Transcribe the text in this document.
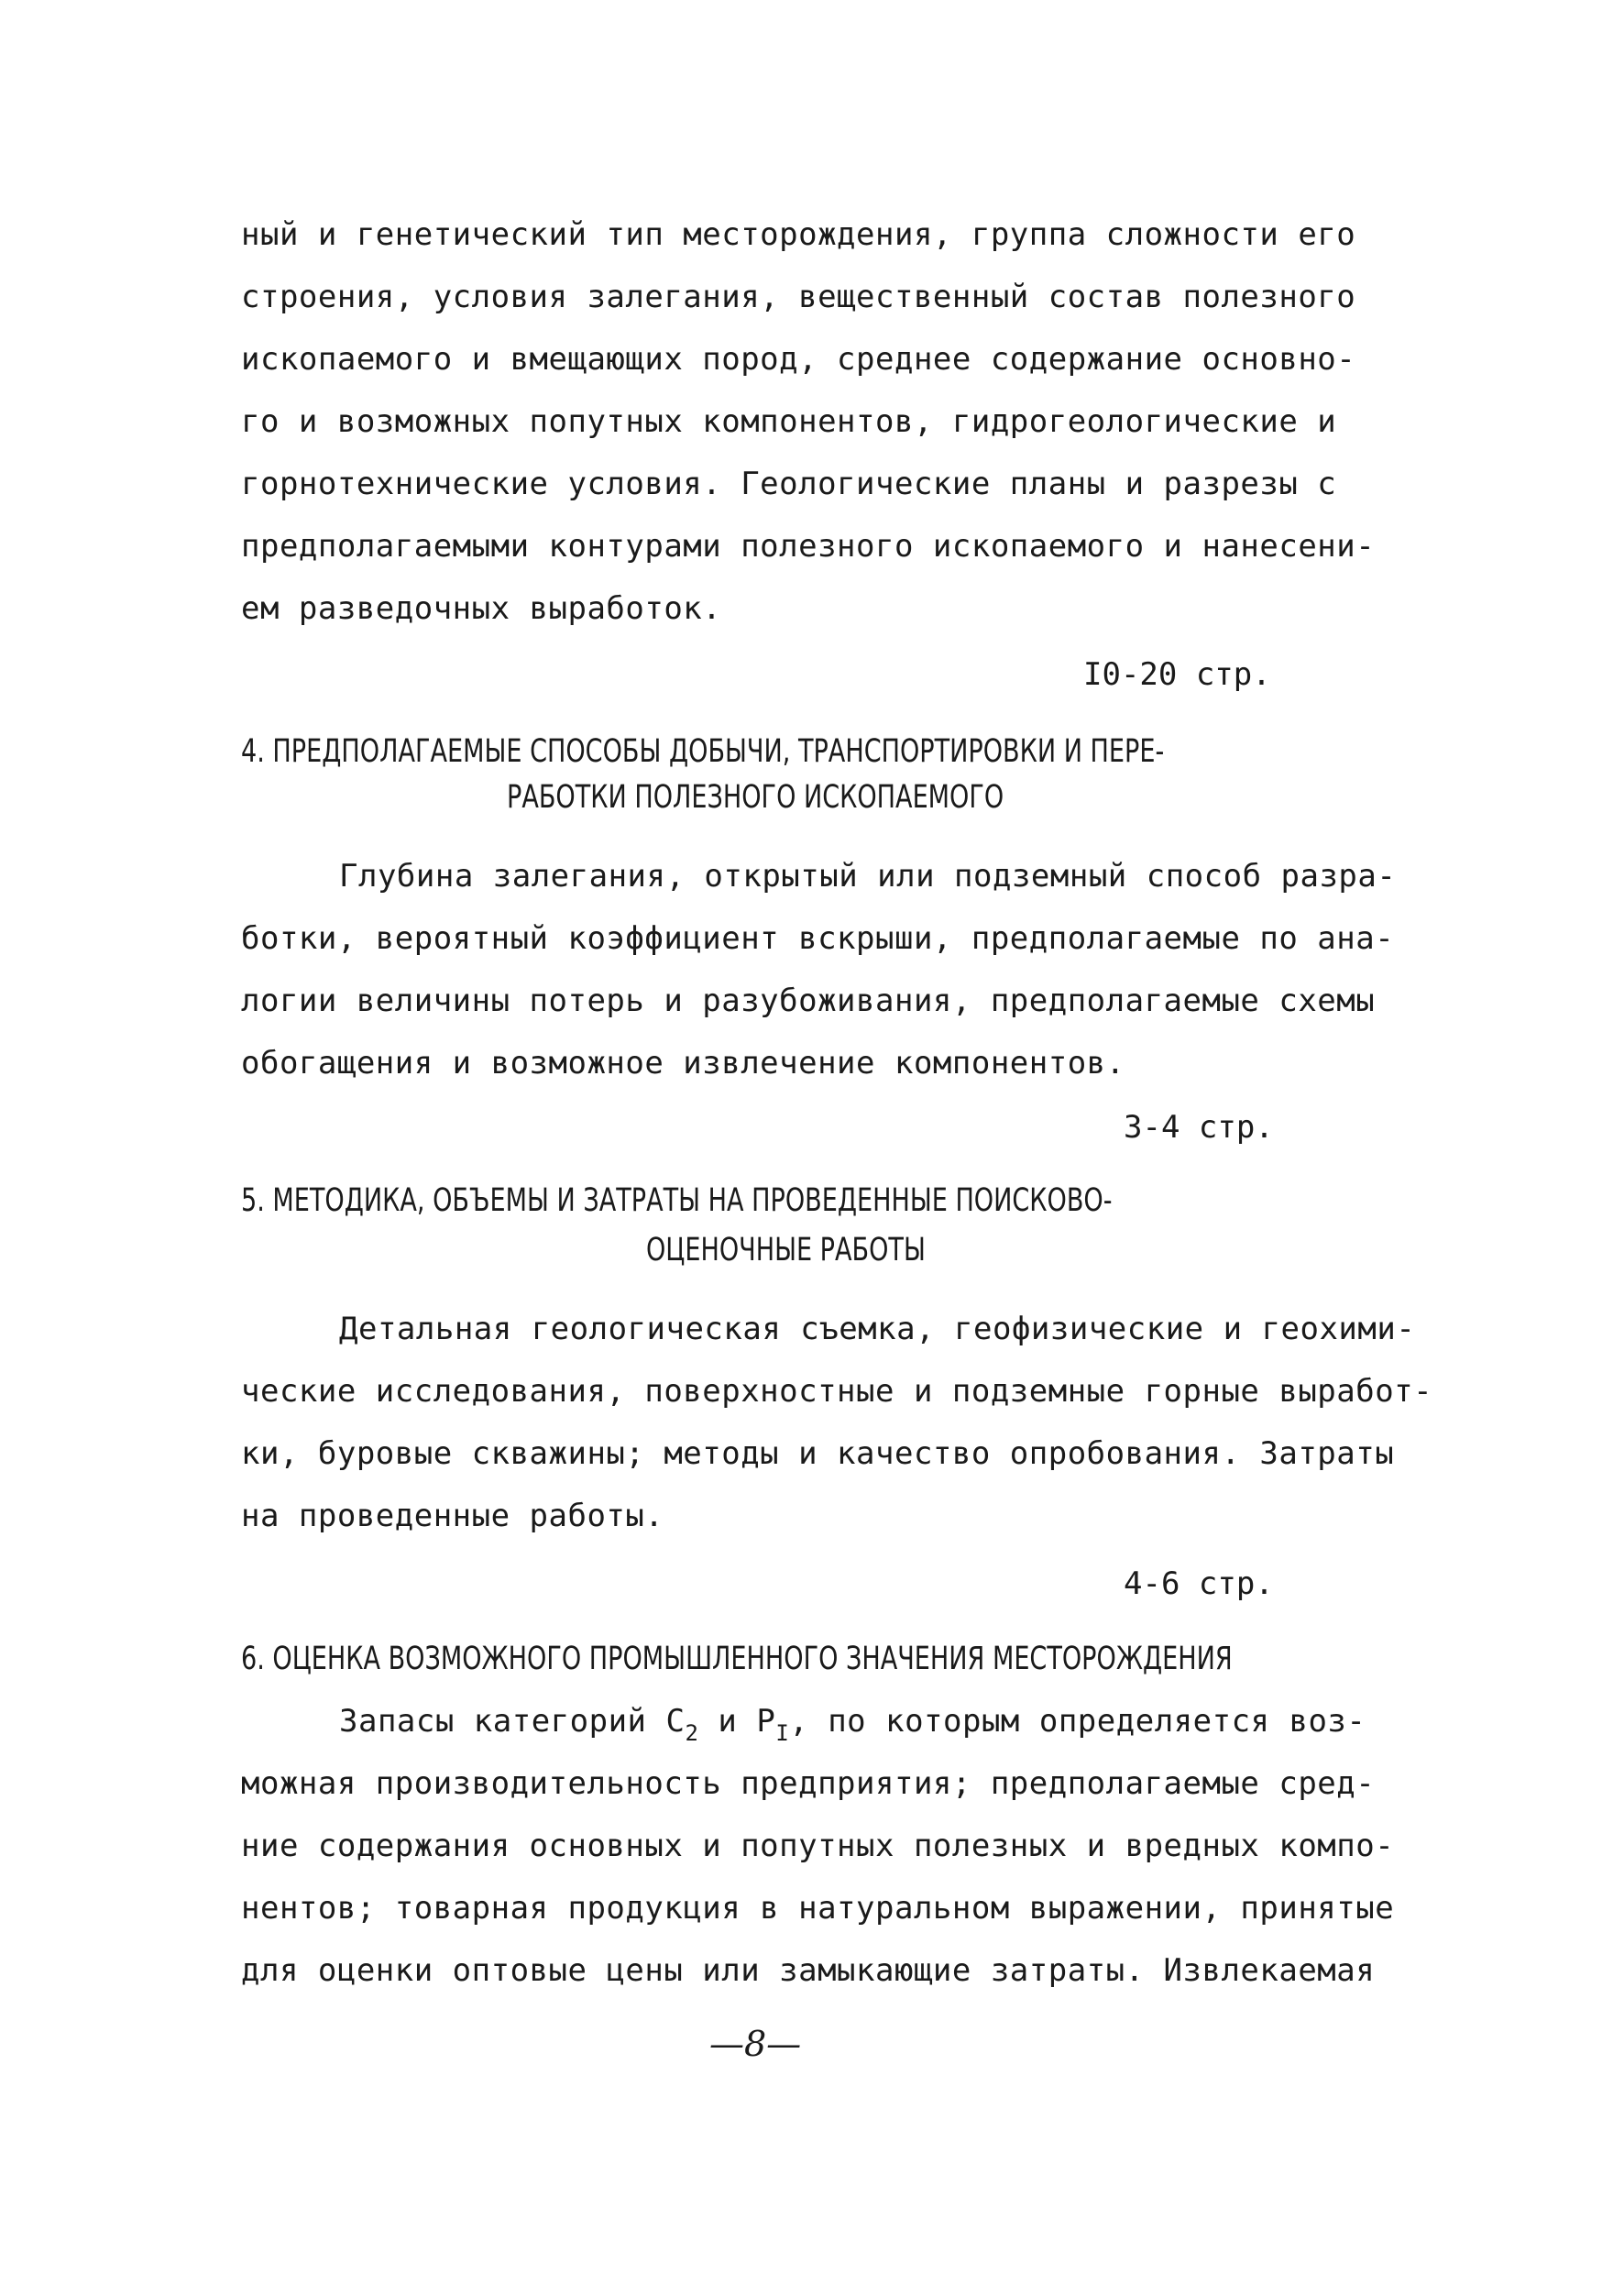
ный и генетический тип месторождения, группа сложности его
строения, условия залегания, вещественный состав полезного
ископаемого и вмещающих пород, среднее содержание основно-
го и возможных попутных компонентов, гидрогеологические и
горнотехнические условия. Геологические планы и разрезы с
предполагаемыми контурами полезного ископаемого и нанесени-
ем разведочных выработок.
I0-20 стр.
4. ПРЕДПОЛАГАЕМЫЕ СПОСОБЫ ДОБЫЧИ, ТРАНСПОРТИРОВКИ И ПЕРЕ-
РАБОТКИ ПОЛЕЗНОГО ИСКОПАЕМОГО
Глубина залегания, открытый или подземный способ разра-
ботки, вероятный коэффициент вскрыши, предполагаемые по ана-
логии величины потерь и разубоживания, предполагаемые схемы
обогащения и возможное извлечение компонентов.
3-4 стр.
5. МЕТОДИКА, ОБЪЕМЫ И ЗАТРАТЫ НА ПРОВЕДЕННЫЕ ПОИСКОВО-
ОЦЕНОЧНЫЕ РАБОТЫ
Детальная геологическая съемка, геофизические и геохими-
ческие исследования, поверхностные и подземные горные выработ-
ки, буровые скважины; методы и качество опробования. Затраты
на проведенные работы.
4-6 стр.
6. ОЦЕНКА ВОЗМОЖНОГО ПРОМЫШЛЕННОГО ЗНАЧЕНИЯ МЕСТОРОЖДЕНИЯ
Запасы категорий $С_2$ и $Р_I$, по которым определяется воз-
можная производительность предприятия; предполагаемые сред-
ние содержания основных и попутных полезных и вредных компо-
нентов; товарная продукция в натуральном выражении, принятые
для оценки оптовые цены или замыкающие затраты. Извлекаемая
—8—
